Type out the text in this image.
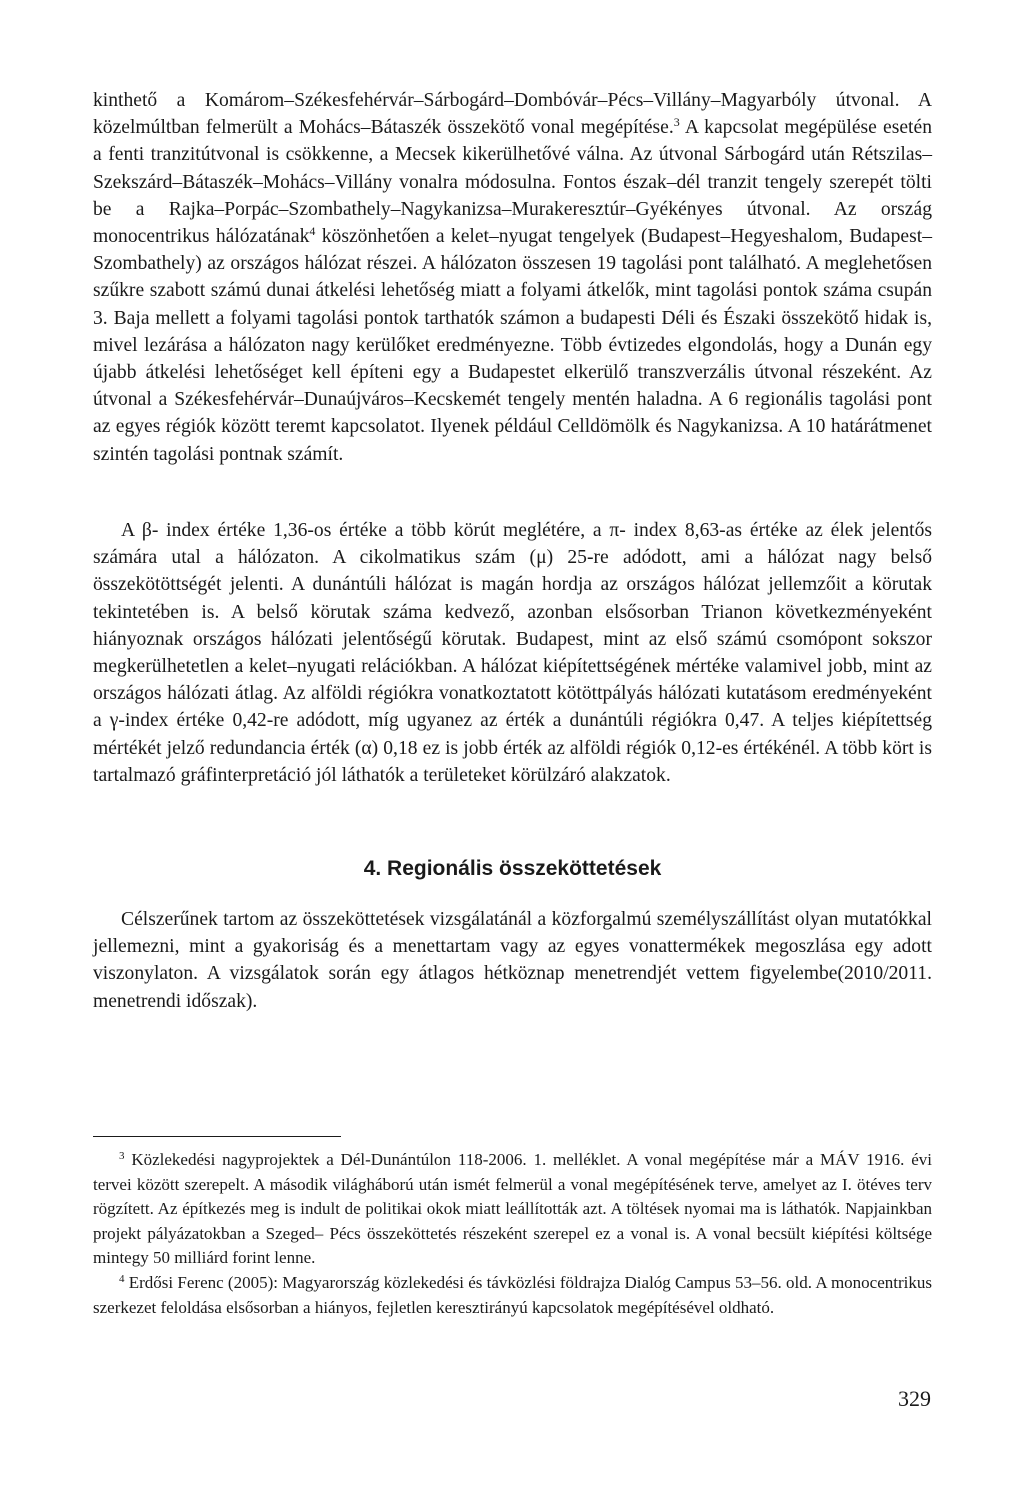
kinthető a Komárom–Székesfehérvár–Sárbogárd–Dombóvár–Pécs–Villány–Magyarbóly útvonal. A közelmúltban felmerült a Mohács–Bátaszék összekötő vonal megépítése.$^3$ A kapcsolat megépülése esetén a fenti tranzitútvonal is csökkenne, a Mecsek kikerülhetővé válna. Az útvonal Sárbogárd után Rétszilas–Szekszárd–Bátaszék–Mohács–Villány vonalra módosulna. Fontos észak–dél tranzit tengely szerepét tölti be a Rajka–Porpác–Szombathely–Nagykanizsa–Murakeresztúr–Gyékényes útvonal. Az ország monocentrikus hálózatának$^4$ köszönhetően a kelet–nyugat tengelyek (Budapest–Hegyeshalom, Budapest– Szombathely) az országos hálózat részei. A hálózaton összesen 19 tagolási pont található. A meglehetősen szűkre szabott számú dunai átkelési lehetőség miatt a folyami átkelők, mint tagolási pontok száma csupán 3. Baja mellett a folyami tagolási pontok tarthatók számon a budapesti Déli és Északi összekötő hidak is, mivel lezárása a hálózaton nagy kerülőket eredményezne. Több évtizedes elgondolás, hogy a Dunán egy újabb átkelési lehetőséget kell építeni egy a Budapestet elkerülő transzverzális útvonal részeként. Az útvonal a Székesfehérvár–Dunaújváros–Kecskemét tengely mentén haladna. A 6 regionális tagolási pont az egyes régiók között teremt kapcsolatot. Ilyenek például Celldömölk és Nagykanizsa. A 10 határátmenet szintén tagolási pontnak számít.

A β- index értéke 1,36-os értéke a több körút meglétére, a π- index 8,63-as értéke az élek jelentős számára utal a hálózaton. A cikolmatikus szám (μ) 25-re adódott, ami a hálózat nagy belső összekötöttségét jelenti. A dunántúli hálózat is magán hordja az országos hálózat jellemzőit a körutak tekintetében is. A belső körutak száma kedvező, azonban elsősorban Trianon következményeként hiányoznak országos hálózati jelentőségű körutak. Budapest, mint az első számú csomópont sokszor megkerülhetetlen a kelet–nyugati relációkban. A hálózat kiépítettségének mértéke valamivel jobb, mint az országos hálózati átlag. Az alföldi régiókra vonatkoztatott kötöttpályás hálózati kutatásom eredményeként a γ-index értéke 0,42-re adódott, míg ugyanez az érték a dunántúli régiókra 0,47. A teljes kiépítettség mértékét jelző redundancia érték (α) 0,18 ez is jobb érték az alföldi régiók 0,12-es értékénél. A több kört is tartalmazó gráfinterpretáció jól láthatók a területeket körülzáró alakzatok.

4. Regionális összeköttetések

Célszerűnek tartom az összeköttetések vizsgálatánál a közforgalmú személyszállítást olyan mutatókkal jellemezni, mint a gyakoriság és a menettartam vagy az egyes vonattermékek megoszlása egy adott viszonylaton. A vizsgálatok során egy átlagos hétköznap menetrendjét vettem figyelembe(2010/2011. menetrendi időszak).

$^3$ Közlekedési nagyprojektek a Dél-Dunántúlon 118-2006. 1. melléklet. A vonal megépítése már a MÁV 1916. évi tervei között szerepelt. A második világháború után ismét felmerül a vonal megépítésének terve, amelyet az I. ötéves terv rögzített. Az építkezés meg is indult de politikai okok miatt leállították azt. A töltések nyomai ma is láthatók. Napjainkban projekt pályázatokban a Szeged– Pécs összeköttetés részeként szerepel ez a vonal is. A vonal becsült kiépítési költsége mintegy 50 milliárd forint lenne.

$^4$ Erdősi Ferenc (2005): Magyarország közlekedési és távközlési földrajza Dialóg Campus 53–56. old. A monocentrikus szerkezet feloldása elsősorban a hiányos, fejletlen keresztirányú kapcsolatok megépítésével oldható.

329
